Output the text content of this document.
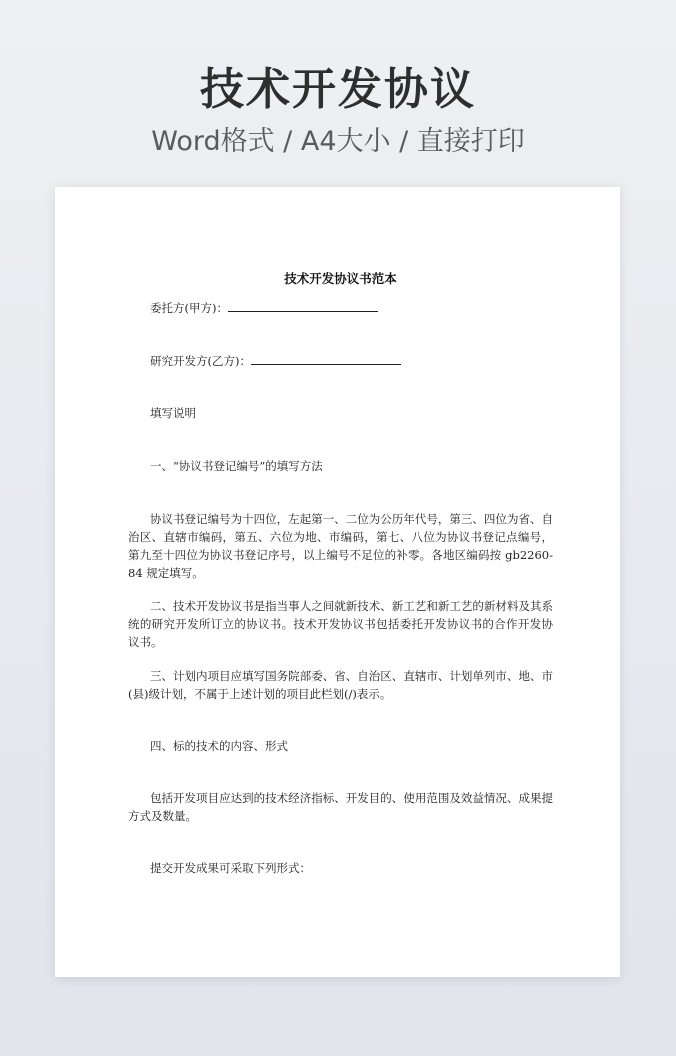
技术开发协议
Word格式 / A4大小 / 直接打印
技术开发协议书范本
委托方(甲方)：
研究开发方(乙方)：
填写说明
一、“协议书登记编号”的填写方法
协议书登记编号为十四位，左起第一、二位为公历年代号，第三、四位为省、自治区、直辖市编码，第五、六位为地、市编码，第七、八位为协议书登记点编号，第九至十四位为协议书登记序号，以上编号不足位的补零。各地区编码按 gb2260-84 规定填写。
二、技术开发协议书是指当事人之间就新技术、新工艺和新工艺的新材料及其系统的研究开发所订立的协议书。技术开发协议书包括委托开发协议书的合作开发协议书。
三、计划内项目应填写国务院部委、省、自治区、直辖市、计划单列市、地、市(县)级计划，不属于上述计划的项目此栏划(/)表示。
四、标的技术的内容、形式
包括开发项目应达到的技术经济指标、开发目的、使用范围及效益情况、成果提方式及数量。
提交开发成果可采取下列形式：
